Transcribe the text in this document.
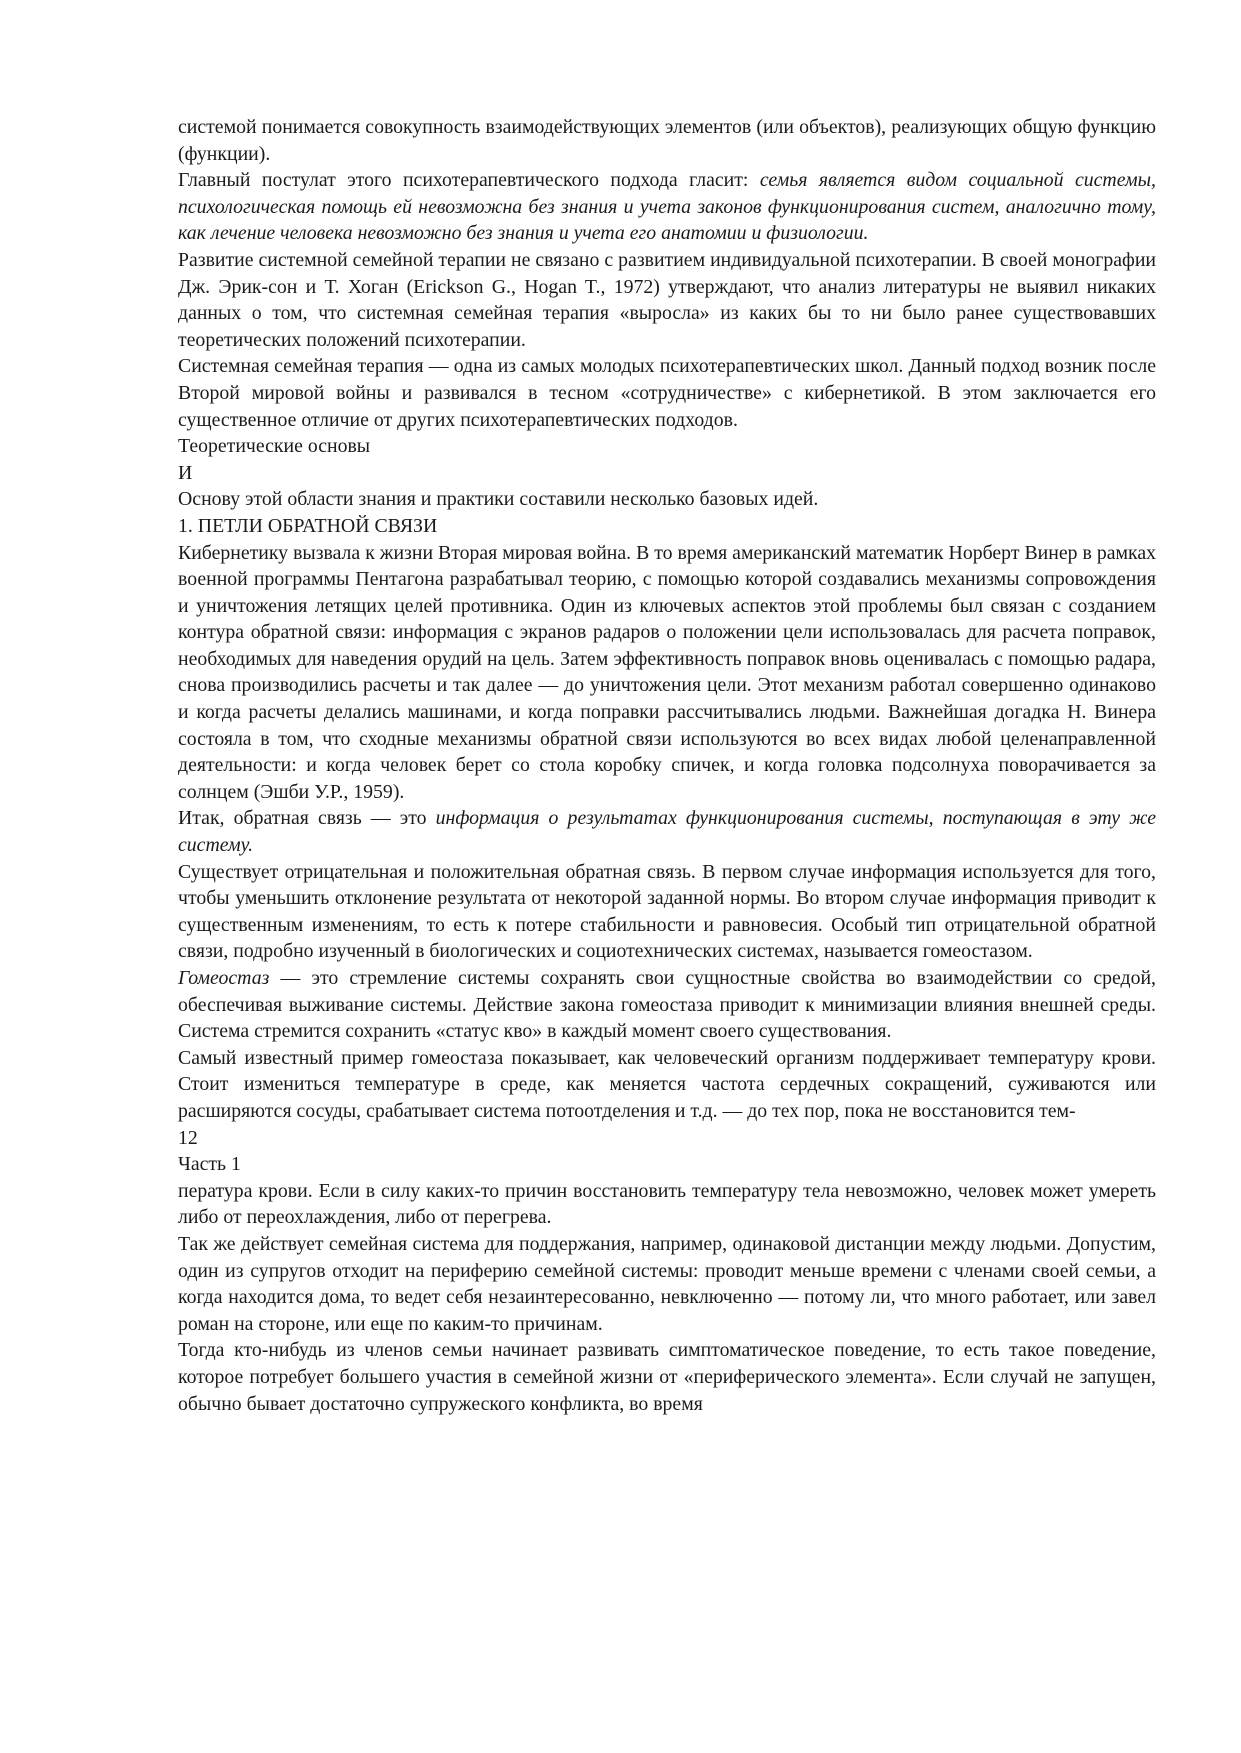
системой понимается совокупность взаимодействующих элементов (или объектов), реализующих общую функцию (функции).

Главный постулат этого психотерапевтического подхода гласит: семья является видом социальной системы, психологическая помощь ей невозможна без знания и учета законов функционирования систем, аналогично тому, как лечение человека невозможно без знания и учета его анатомии и физиологии.

Развитие системной семейной терапии не связано с развитием индивидуальной психотерапии. В своей монографии Дж. Эрик-сон и Т. Хоган (Erickson G., Hogan T., 1972) утверждают, что анализ литературы не выявил никаких данных о том, что системная семейная терапия «выросла» из каких бы то ни было ранее существовавших теоретических положений психотерапии.

Системная семейная терапия — одна из самых молодых психотерапевтических школ. Данный подход возник после Второй мировой войны и развивался в тесном «сотрудничестве» с кибернетикой. В этом заключается его существенное отличие от других психотерапевтических подходов.

Теоретические основы

И

Основу этой области знания и практики составили несколько базовых идей.

1. ПЕТЛИ ОБРАТНОЙ СВЯЗИ

Кибернетику вызвала к жизни Вторая мировая война. В то время американский математик Норберт Винер в рамках военной программы Пентагона разрабатывал теорию, с помощью которой создавались механизмы сопровождения и уничтожения летящих целей противника. Один из ключевых аспектов этой проблемы был связан с созданием контура обратной связи: информация с экранов радаров о положении цели использовалась для расчета поправок, необходимых для наведения орудий на цель. Затем эффективность поправок вновь оценивалась с помощью радара, снова производились расчеты и так далее — до уничтожения цели. Этот механизм работал совершенно одинаково и когда расчеты делались машинами, и когда поправки рассчитывались людьми. Важнейшая догадка Н. Винера состояла в том, что сходные механизмы обратной связи используются во всех видах любой целенаправленной деятельности: и когда человек берет со стола коробку спичек, и когда головка подсолнуха поворачивается за солнцем (Эшби У.Р., 1959).

Итак, обратная связь — это информация о результатах функционирования системы, поступающая в эту же систему.

Существует отрицательная и положительная обратная связь. В первом случае информация используется для того, чтобы уменьшить отклонение результата от некоторой заданной нормы. Во втором случае информация приводит к существенным изменениям, то есть к потере стабильности и равновесия. Особый тип отрицательной обратной связи, подробно изученный в биологических и социотехнических системах, называется гомеостазом.

Гомеостаз — это стремление системы сохранять свои сущностные свойства во взаимодействии со средой, обеспечивая выживание системы. Действие закона гомеостаза приводит к минимизации влияния внешней среды. Система стремится сохранить «статус кво» в каждый момент своего существования.

Самый известный пример гомеостаза показывает, как человеческий организм поддерживает температуру крови. Стоит измениться температуре в среде, как меняется частота сердечных сокращений, суживаются или расширяются сосуды, срабатывает система потоотделения и т.д. — до тех пор, пока не восстановится тем-

12

Часть 1

пература крови. Если в силу каких-то причин восстановить температуру тела невозможно, человек может умереть либо от переохлаждения, либо от перегрева.

Так же действует семейная система для поддержания, например, одинаковой дистанции между людьми. Допустим, один из супругов отходит на периферию семейной системы: проводит меньше времени с членами своей семьи, а когда находится дома, то ведет себя незаинтересованно, невключенно — потому ли, что много работает, или завел роман на стороне, или еще по каким-то причинам.

Тогда кто-нибудь из членов семьи начинает развивать симптоматическое поведение, то есть такое поведение, которое потребует большего участия в семейной жизни от «периферического элемента». Если случай не запущен, обычно бывает достаточно супружеского конфликта, во время
